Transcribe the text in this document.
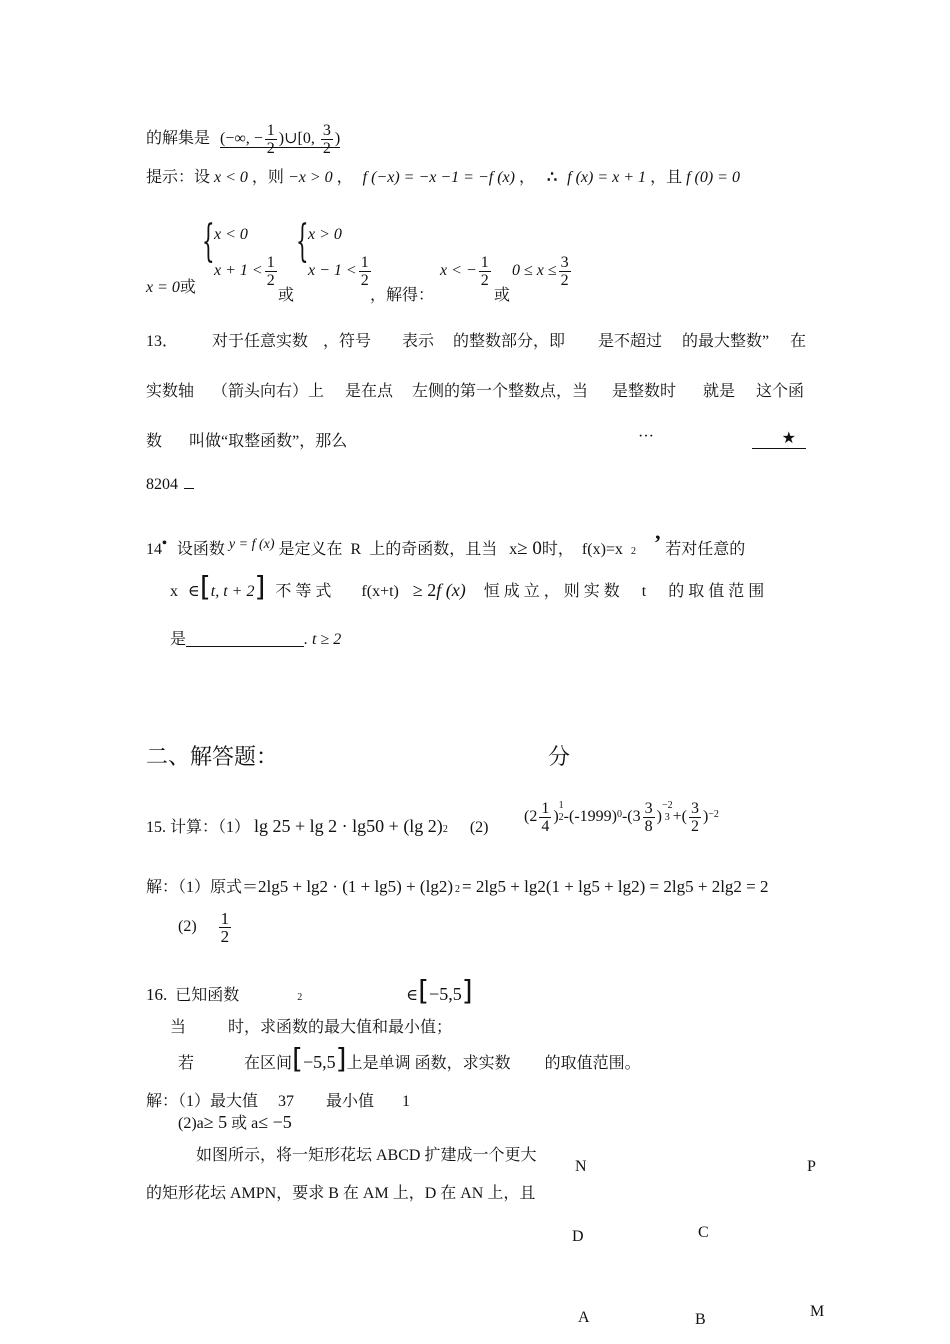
的解集是 (−∞, − $\frac{1}{2}$ )∪[0, $\frac{3}{2}$ )
提示：设 x < 0 ，则 −x > 0 ， f (−x) = −x −1 = −f (x) ， ∴ f (x) = x + 1 ，且 f (0) = 0
x = 0或
{ x < 0
$x + 1 < \frac{1}{2}$
或
{ x > 0
$x - 1 < \frac{1}{2}$
，解得：
x < − $\frac{1}{2}$
或
$0 \le x \le \frac{3}{2}$
13． 对于任意实数 ，符号 表示 的整数部分，即 是不超过 的最大整数” 在
实数轴 （箭头向右）上 是在点 左侧的第一个整数点，当 是整数时 就是 这个函
数 叫做“取整函数”，那么	···	★
8204
14• 设函数 y = f (x) 是定义在 R 上的奇函数，且当 x≥ 0时， f(x)=x 2 ’ 若对任意的
x ∈[t, t + 2] 不 等 式 f(x+t) ≥ 2f (x) 恒 成 立 ， 则 实 数 t 的 取 值 范 围
是	. t ≥ 2
二、解答题：	分
15. 计算：（1） lg 25 + lg 2 · lg50 + (lg 2)2 (2)
($2 \frac{1}{4}$ )
1
2 $-(-1999)^0-(3 \frac{3}{8}$ )
−2
3 +( $\frac{3}{2} )^{-2}$
解：（1）原式＝2lg5 + lg2 · (1 + lg5) + (lg2) 2 = 2lg5 + lg2(1 + lg5 + lg2) = 2lg5 + 2lg2 = 2
$(2) \frac{1}{2}$
16. 已知函数	2	∈[−5,5]
当	时，求函数的最大值和最小值；
若	在区间[−5,5]上是单调 函数，求实数 的取值范围。
解：（1）最大值 37 最小值 1
(2)a≥ 5 或 a≤ −5
如图所示，将一矩形花坛 ABCD 扩建成一个更大
的矩形花坛 AMPN，要求 B 在 AM 上，D 在 AN 上，且
N	P
D	C
A	B	M
